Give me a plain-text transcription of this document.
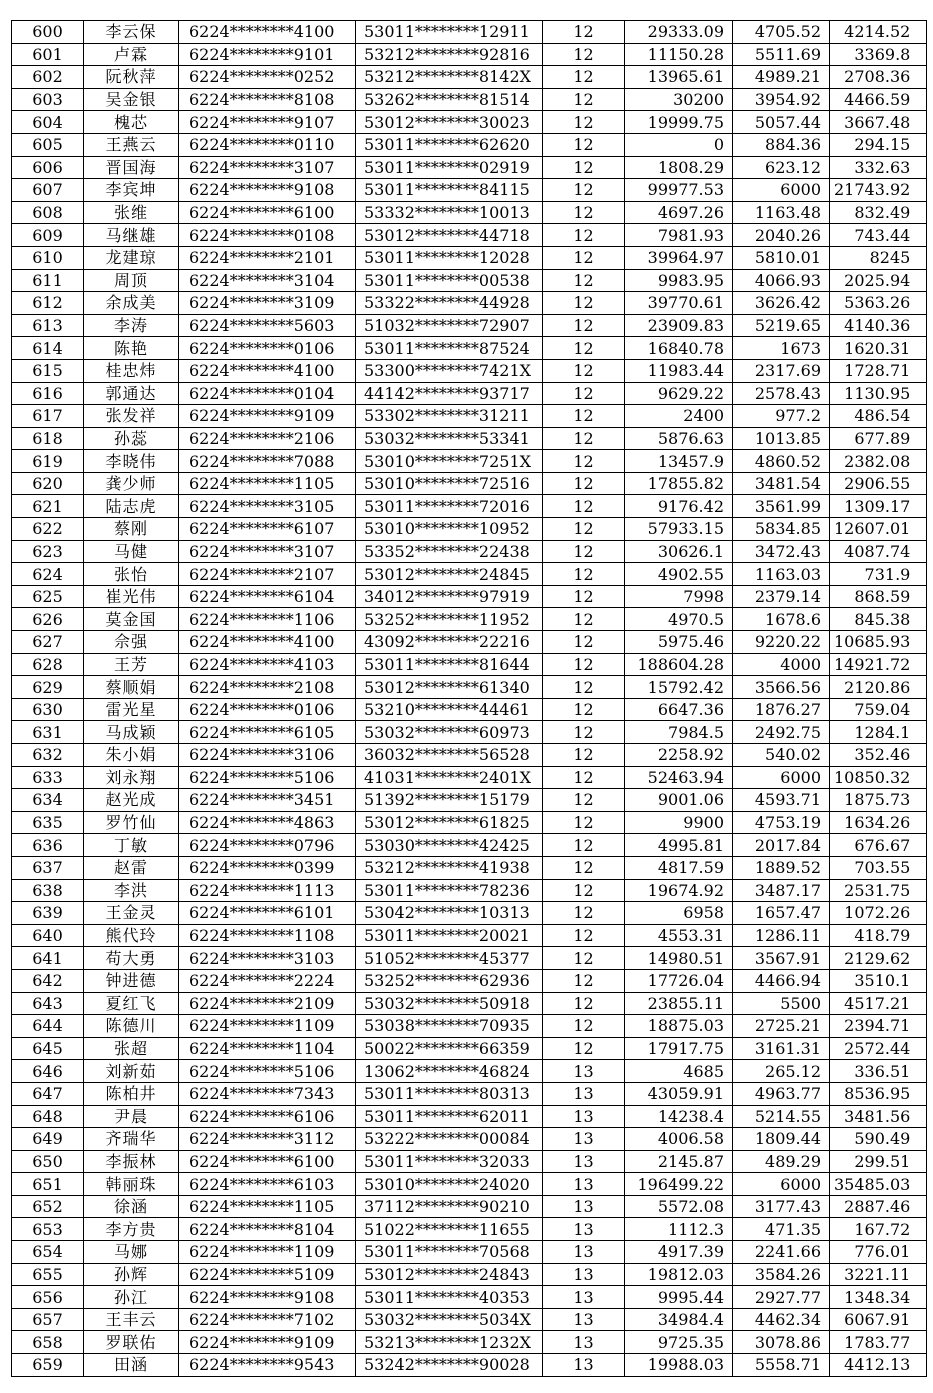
600	李云保	6224********4100	53011********12911	12	29333.09	4705.52	4214.52
601	卢霖	6224********9101	53212********92816	12	11150.28	5511.69	3369.8
602	阮秋萍	6224********0252	53212********8142X	12	13965.61	4989.21	2708.36
603	吴金银	6224********8108	53262********81514	12	30200	3954.92	4466.59
604	槐芯	6224********9107	53012********30023	12	19999.75	5057.44	3667.48
605	王燕云	6224********0110	53011********62620	12	0	884.36	294.15
606	晋国海	6224********3107	53011********02919	12	1808.29	623.12	332.63
607	李宾坤	6224********9108	53011********84115	12	99977.53	6000	21743.92
608	张维	6224********6100	53332********10013	12	4697.26	1163.48	832.49
609	马继雄	6224********0108	53012********44718	12	7981.93	2040.26	743.44
610	龙建琼	6224********2101	53011********12028	12	39964.97	5810.01	8245
611	周顶	6224********3104	53011********00538	12	9983.95	4066.93	2025.94
612	余成美	6224********3109	53322********44928	12	39770.61	3626.42	5363.26
613	李涛	6224********5603	51032********72907	12	23909.83	5219.65	4140.36
614	陈艳	6224********0106	53011********87524	12	16840.78	1673	1620.31
615	桂忠炜	6224********4100	53300********7421X	12	11983.44	2317.69	1728.71
616	郭通达	6224********0104	44142********93717	12	9629.22	2578.43	1130.95
617	张发祥	6224********9109	53302********31211	12	2400	977.2	486.54
618	孙蕊	6224********2106	53032********53341	12	5876.63	1013.85	677.89
619	李晓伟	6224********7088	53010********7251X	12	13457.9	4860.52	2382.08
620	龚少师	6224********1105	53010********72516	12	17855.82	3481.54	2906.55
621	陆志虎	6224********3105	53011********72016	12	9176.42	3561.99	1309.17
622	蔡刚	6224********6107	53010********10952	12	57933.15	5834.85	12607.01
623	马健	6224********3107	53352********22438	12	30626.1	3472.43	4087.74
624	张怡	6224********2107	53012********24845	12	4902.55	1163.03	731.9
625	崔光伟	6224********6104	34012********97919	12	7998	2379.14	868.59
626	莫金国	6224********1106	53252********11952	12	4970.5	1678.6	845.38
627	佘强	6224********4100	43092********22216	12	5975.46	9220.22	10685.93
628	王芳	6224********4103	53011********81644	12	188604.28	4000	14921.72
629	蔡顺娟	6224********2108	53012********61340	12	15792.42	3566.56	2120.86
630	雷光星	6224********0106	53210********44461	12	6647.36	1876.27	759.04
631	马成颖	6224********6105	53032********60973	12	7984.5	2492.75	1284.1
632	朱小娟	6224********3106	36032********56528	12	2258.92	540.02	352.46
633	刘永翔	6224********5106	41031********2401X	12	52463.94	6000	10850.32
634	赵光成	6224********3451	51392********15179	12	9001.06	4593.71	1875.73
635	罗竹仙	6224********4863	53012********61825	12	9900	4753.19	1634.26
636	丁敏	6224********0796	53030********42425	12	4995.81	2017.84	676.67
637	赵雷	6224********0399	53212********41938	12	4817.59	1889.52	703.55
638	李洪	6224********1113	53011********78236	12	19674.92	3487.17	2531.75
639	王金灵	6224********6101	53042********10313	12	6958	1657.47	1072.26
640	熊代玲	6224********1108	53011********20021	12	4553.31	1286.11	418.79
641	苟大勇	6224********3103	51052********45377	12	14980.51	3567.91	2129.62
642	钟进德	6224********2224	53252********62936	12	17726.04	4466.94	3510.1
643	夏红飞	6224********2109	53032********50918	12	23855.11	5500	4517.21
644	陈德川	6224********1109	53038********70935	12	18875.03	2725.21	2394.71
645	张超	6224********1104	50022********66359	12	17917.75	3161.31	2572.44
646	刘新茹	6224********5106	13062********46824	13	4685	265.12	336.51
647	陈柏井	6224********7343	53011********80313	13	43059.91	4963.77	8536.95
648	尹晨	6224********6106	53011********62011	13	14238.4	5214.55	3481.56
649	齐瑞华	6224********3112	53222********00084	13	4006.58	1809.44	590.49
650	李振林	6224********6100	53011********32033	13	2145.87	489.29	299.51
651	韩丽珠	6224********6103	53010********24020	13	196499.22	6000	35485.03
652	徐涵	6224********1105	37112********90210	13	5572.08	3177.43	2887.46
653	李方贵	6224********8104	51022********11655	13	1112.3	471.35	167.72
654	马娜	6224********1109	53011********70568	13	4917.39	2241.66	776.01
655	孙辉	6224********5109	53012********24843	13	19812.03	3584.26	3221.11
656	孙江	6224********9108	53011********40353	13	9995.44	2927.77	1348.34
657	王丰云	6224********7102	53032********5034X	13	34984.4	4462.34	6067.91
658	罗联佑	6224********9109	53213********1232X	13	9725.35	3078.86	1783.77
659	田涵	6224********9543	53242********90028	13	19988.03	5558.71	4412.13
